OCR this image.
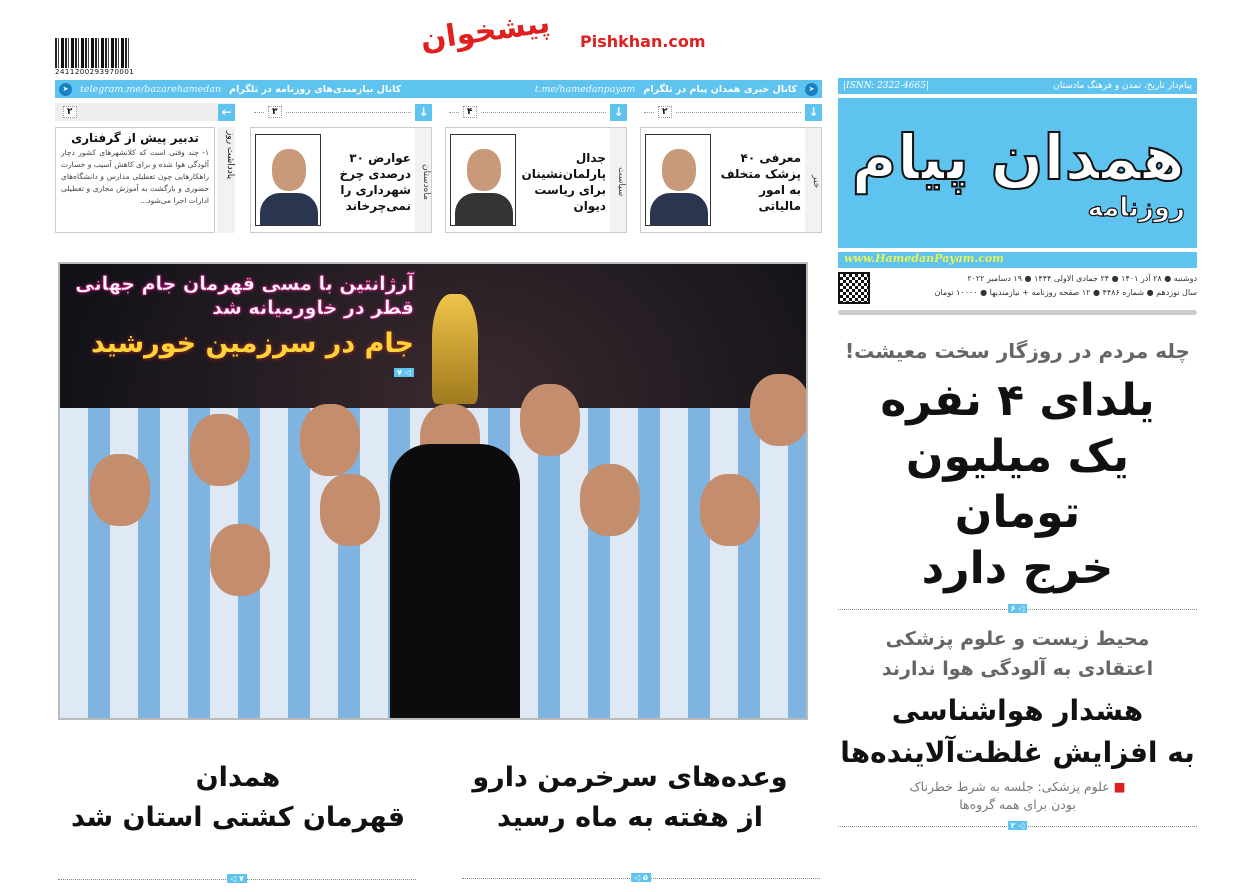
2411200293970001
پیشخوان Pishkhan.com
➤
کانال خبری همدان پیام در تلگرام
t.me/hamedanpayam
کانال نیازمندی‌های روزنامه در تلگرام
telegram.me/bazarehamedan
➤
↓
۲
↓
۴
↓
۳
←
۲
خبر
معرفی ۴۰ پزشک متخلف به امور مالیاتی
سیاست
جدال پارلمان‌نشینان برای ریاست دیوان
ماه‌دستان
عوارض ۳۰ درصدی چرخ شهرداری را نمی‌چرخاند
یادداشت روز
تدبیر پیش از گرفتاری

۱- چند وقتی است که کلانشهرهای کشور دچار آلودگی هوا شده و برای کاهش آسیب و خسارت راهکارهایی چون تعطیلی مدارس و دانشگاه‌های حضوری و بازگشت به آموزش مجازی و تعطیلی ادارات اجرا می‌شود...

آرژانتین با مسی قهرمان جام جهانی قطر در خاورمیانه شد
جام در سرزمین خورشید
◁ ۷
پیام‌دار تاریخ، تمدن و فرهنگ ماد‌ستان
|ISNN: 2322-4665|
همدان پیام
روزنامه
www.HamedanPayam.com
دوشنبه ● ۲۸ آذر ۱۴۰۱ ● ۲۴ جمادی الاولی ۱۴۴۴ ● ۱۹ دسامبر ۲۰۲۲
سال نوزدهم ● شماره ۴۴۸۶ ● ۱۲ صفحه روزنامه + نیازمندیها ● ۱۰۰۰۰ تومان
چله مردم در روزگار سخت معیشت!
یلدای ۴ نفره
یک میلیون تومان
خرج دارد
◁ ۶
محیط زیست و علوم پزشکی
اعتقادی به آلودگی هوا ندارند
هشدار هواشناسی
به افزایش غلظت‌آلاینده‌ها
■ علوم پزشکی: جلسه به شرط خطرناک بودن برای همه گروه‌ها
◁ ۲
وعده‌های سرخرمن دارو
از هفته به ماه رسید
◁ ۵
همدان
قهرمان کشتی استان شد
◁ ۷
